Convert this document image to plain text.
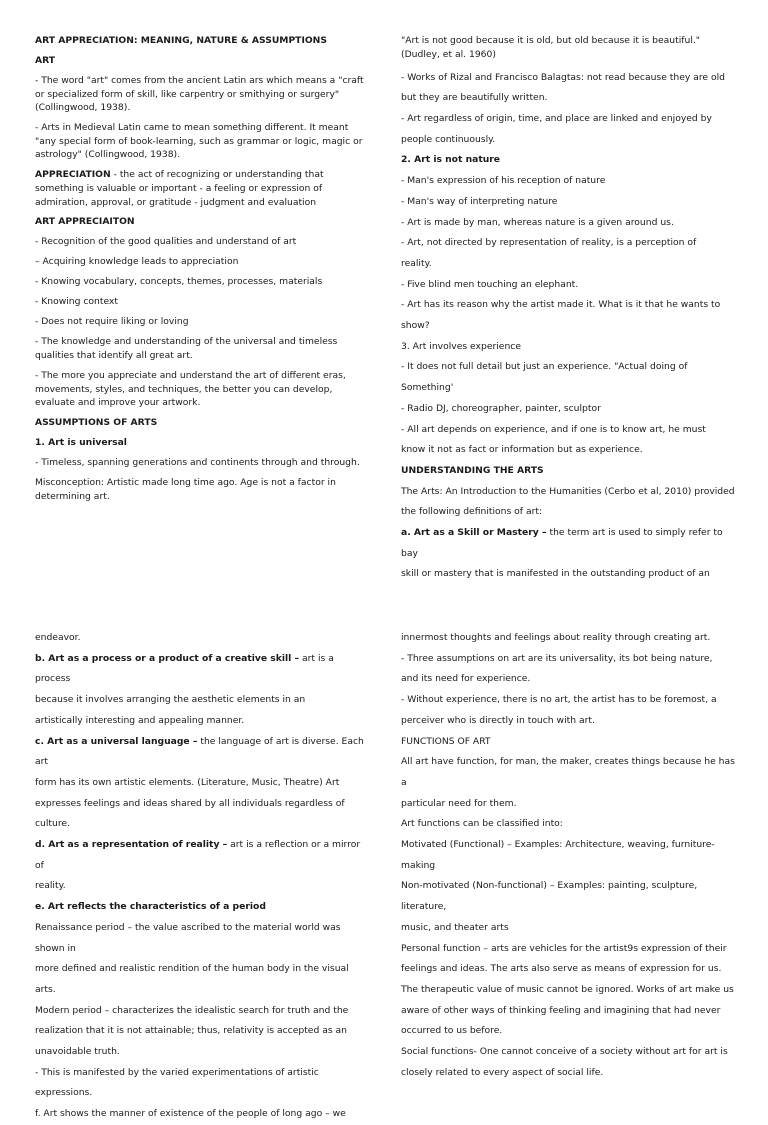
ART APPRECIATION: MEANING, NATURE & ASSUMPTIONS

ART

- The word "art" comes from the ancient Latin ars which means a "craft or specialized form of skill, like carpentry or smithying or surgery" (Collingwood, 1938).

- Arts in Medieval Latin came to mean something different. It meant "any special form of book-learning, such as grammar or logic, magic or astrology" (Collingwood, 1938).

APPRECIATION - the act of recognizing or understanding that something is valuable or important - a feeling or expression of admiration, approval, or gratitude - judgment and evaluation

ART APPRECIAITON

- Recognition of the good qualities and understand of art

– Acquiring knowledge leads to appreciation

- Knowing vocabulary, concepts, themes, processes, materials

- Knowing context

- Does not require liking or loving

- The knowledge and understanding of the universal and timeless qualities that identify all great art.

- The more you appreciate and understand the art of different eras, movements, styles, and techniques, the better you can develop, evaluate and improve your artwork.

ASSUMPTIONS OF ARTS

1. Art is universal

- Timeless, spanning generations and continents through and through.

Misconception: Artistic made long time ago. Age is not a factor in determining art.

"Art is not good because it is old, but old because it is beautiful."(Dudley, et al. 1960)

- Works of Rizal and Francisco Balagtas: not read because they are old

but they are beautifully written.

- Art regardless of origin, time, and place are linked and enjoyed by

people continuously.

2. Art is not nature

- Man's expression of his reception of nature

- Man's way of interpreting nature

- Art is made by man, whereas nature is a given around us.

- Art, not directed by representation of reality, is a perception of

reality.

- Five blind men touching an elephant.

- Art has its reason why the artist made it. What is it that he wants to

show?

3. Art involves experience

- It does not full detail but just an experience. "Actual doing of

Something'

- Radio DJ, choreographer, painter, sculptor

- All art depends on experience, and if one is to know art, he must

know it not as fact or information but as experience.

UNDERSTANDING THE ARTS

The Arts: An Introduction to the Humanities (Cerbo et al, 2010) provided

the following definitions of art:

a. Art as a Skill or Mastery – the term art is used to simply refer to bay

skill or mastery that is manifested in the outstanding product of an

endeavor.

b. Art as a process or a product of a creative skill – art is a process

because it involves arranging the aesthetic elements in an

artistically interesting and appealing manner.

c. Art as a universal language – the language of art is diverse. Each art

form has its own artistic elements. (Literature, Music, Theatre) Art

expresses feelings and ideas shared by all individuals regardless of

culture.

d. Art as a representation of reality – art is a reflection or a mirror of

reality.

e. Art reflects the characteristics of a period

Renaissance period – the value ascribed to the material world was shown in

more defined and realistic rendition of the human body in the visual arts.

Modern period – characterizes the idealistic search for truth and the

realization that it is not attainable; thus, relativity is accepted as an

unavoidable truth.

- This is manifested by the varied experimentations of artistic

expressions.

f. Art shows the manner of existence of the people of long ago – we

innermost thoughts and feelings about reality through creating art.

- Three assumptions on art are its universality, its bot being nature,

and its need for experience.

- Without experience, there is no art, the artist has to be foremost, a

perceiver who is directly in touch with art.

FUNCTIONS OF ART

All art have function, for man, the maker, creates things because he has a

particular need for them.

Art functions can be classified into:

Motivated (Functional) – Examples: Architecture, weaving, furniture-making

Non-motivated (Non-functional) – Examples: painting, sculpture, literature,

music, and theater arts

Personal function – arts are vehicles for the artist9s expression of their

feelings and ideas. The arts also serve as means of expression for us.

The therapeutic value of music cannot be ignored. Works of art make us

aware of other ways of thinking feeling and imagining that had never

occurred to us before.

Social functions- One cannot conceive of a society without art for art is

closely related to every aspect of social life.
